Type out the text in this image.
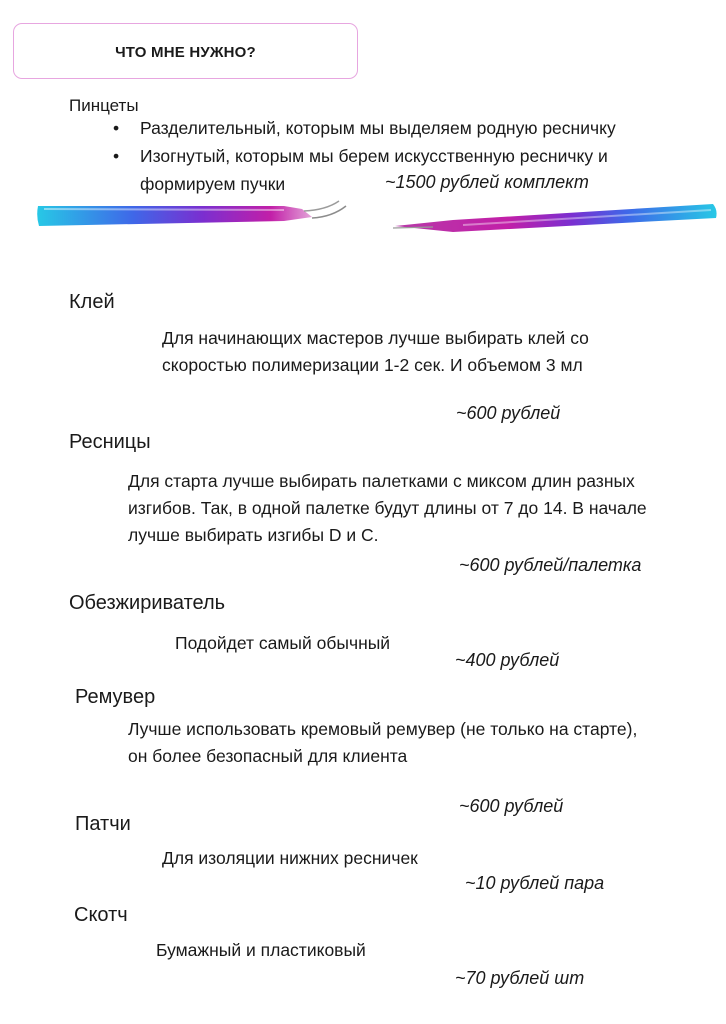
ЧТО МНЕ НУЖНО?
Пинцеты
• Разделительный, которым мы выделяем родную ресничку
• Изогнутый, которым мы берем искусственную ресничку и формируем пучки	~1500 рублей комплект
Клей
Для начинающих мастеров лучше выбирать клей со скоростью полимеризации 1-2 сек. И объемом 3 мл
~600 рублей
Ресницы
Для старта лучше выбирать палетками с миксом длин разных изгибов. Так, в одной палетке будут длины от 7 до 14. В начале лучше выбирать изгибы D и C.
~600 рублей/палетка
Обезжириватель
Подойдет самый обычный
~400 рублей
Ремувер
Лучше использовать кремовый ремувер (не только на старте), он более безопасный для клиента
~600 рублей
Патчи
Для изоляции нижних ресничек
~10 рублей пара
Скотч
Бумажный и пластиковый
~70 рублей шт
